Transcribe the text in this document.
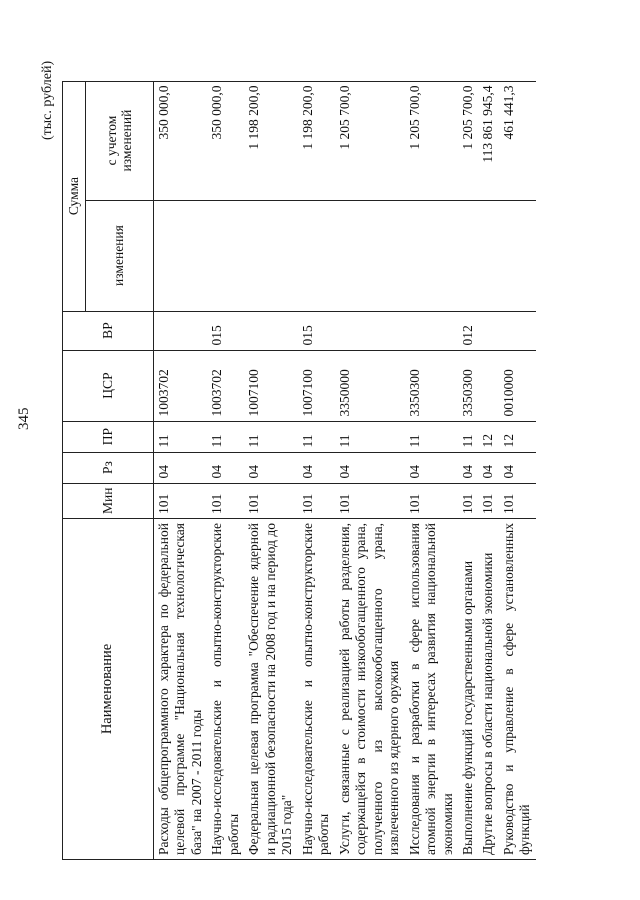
345
(тыс. рублей)
Наименование	Мин	Рз	ПР	ЦСР	ВР	Сумма	
						изменения	с учетом изменений
Расходы общепрограммного характера по федеральной целевой программе "Национальная технологическая база" на 2007 - 2011 годы	101	04	11	1003702			350 000,0
Научно-исследовательские и опытно-конструкторские работы	101	04	11	1003702	015		350 000,0
Федеральная целевая программа "Обеспечение ядерной и радиационной безопасности на 2008 год и на период до 2015 года"	101	04	11	1007100			1 198 200,0
Научно-исследовательские и опытно-конструкторские работы	101	04	11	1007100	015		1 198 200,0
Услуги, связанные с реализацией работы разделения, содержащейся в стоимости низкообогащенного урана, полученного из высокообогащенного урана, извлеченного из ядерного оружия	101	04	11	3350000			1 205 700,0
Исследования и разработки в сфере использования атомной энергии в интересах развития национальной экономики	101	04	11	3350300			1 205 700,0
Выполнение функций государственными органами	101	04	11	3350300	012		1 205 700,0
Другие вопросы в области национальной экономики	101	04	12				113 861 945,4
Руководство и управление в сфере установленных функций	101	04	12	0010000			461 441,3
